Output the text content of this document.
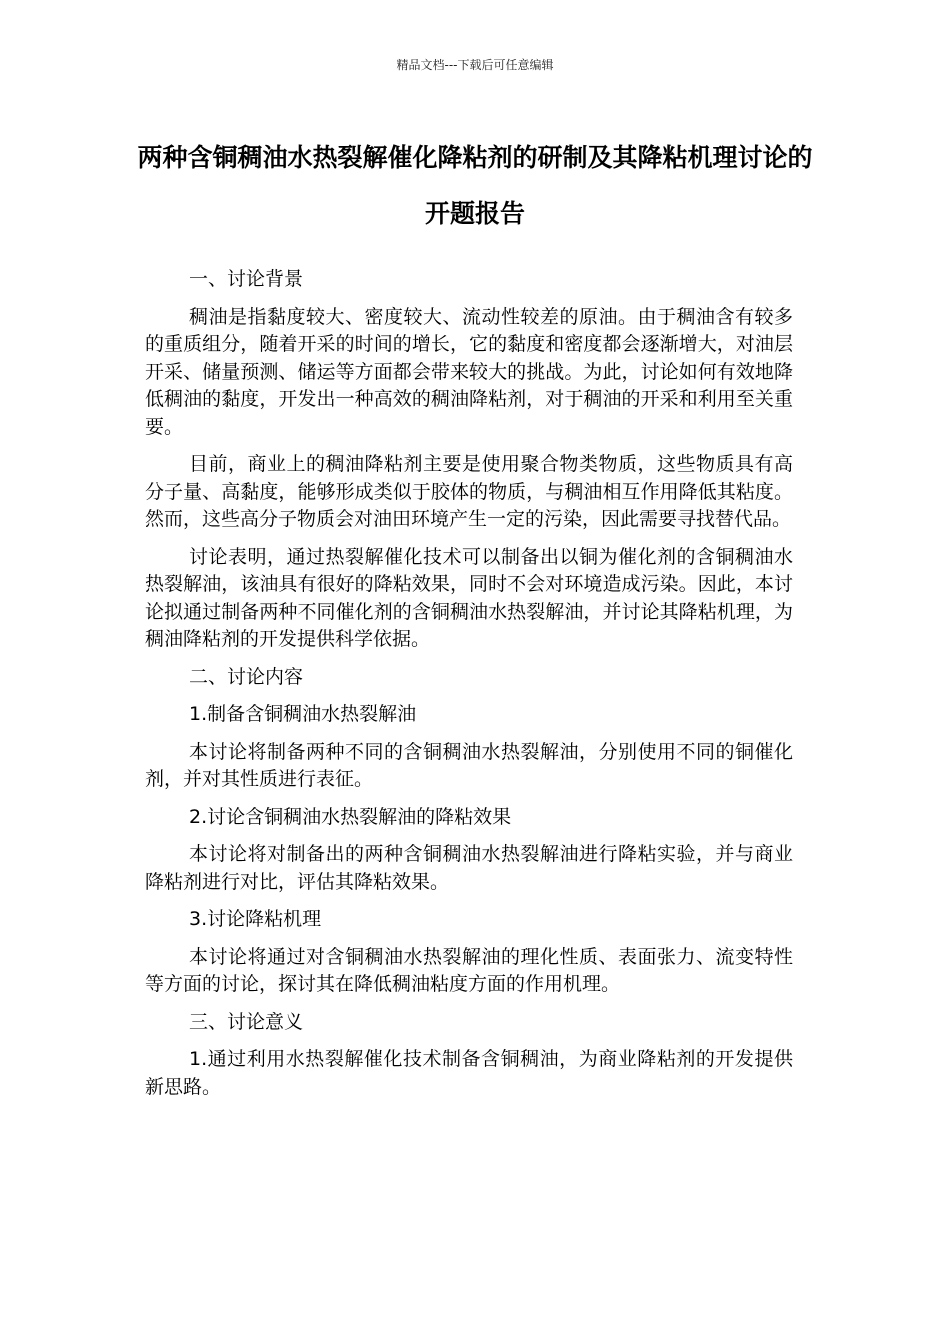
精品文档---下载后可任意编辑
两种含铜稠油水热裂解催化降粘剂的研制及其降粘机理讨论的开题报告

一、讨论背景

稠油是指黏度较大、密度较大、流动性较差的原油。由于稠油含有较多的重质组分，随着开采的时间的增长，它的黏度和密度都会逐渐增大，对油层开采、储量预测、储运等方面都会带来较大的挑战。为此，讨论如何有效地降低稠油的黏度，开发出一种高效的稠油降粘剂，对于稠油的开采和利用至关重要。

目前，商业上的稠油降粘剂主要是使用聚合物类物质，这些物质具有高分子量、高黏度，能够形成类似于胶体的物质，与稠油相互作用降低其粘度。然而，这些高分子物质会对油田环境产生一定的污染，因此需要寻找替代品。

讨论表明，通过热裂解催化技术可以制备出以铜为催化剂的含铜稠油水热裂解油，该油具有很好的降粘效果，同时不会对环境造成污染。因此，本讨论拟通过制备两种不同催化剂的含铜稠油水热裂解油，并讨论其降粘机理，为稠油降粘剂的开发提供科学依据。

二、讨论内容

1.制备含铜稠油水热裂解油

本讨论将制备两种不同的含铜稠油水热裂解油，分别使用不同的铜催化剂，并对其性质进行表征。

2.讨论含铜稠油水热裂解油的降粘效果

本讨论将对制备出的两种含铜稠油水热裂解油进行降粘实验，并与商业降粘剂进行对比，评估其降粘效果。

3.讨论降粘机理

本讨论将通过对含铜稠油水热裂解油的理化性质、表面张力、流变特性等方面的讨论，探讨其在降低稠油粘度方面的作用机理。

三、讨论意义

1.通过利用水热裂解催化技术制备含铜稠油，为商业降粘剂的开发提供新思路。
